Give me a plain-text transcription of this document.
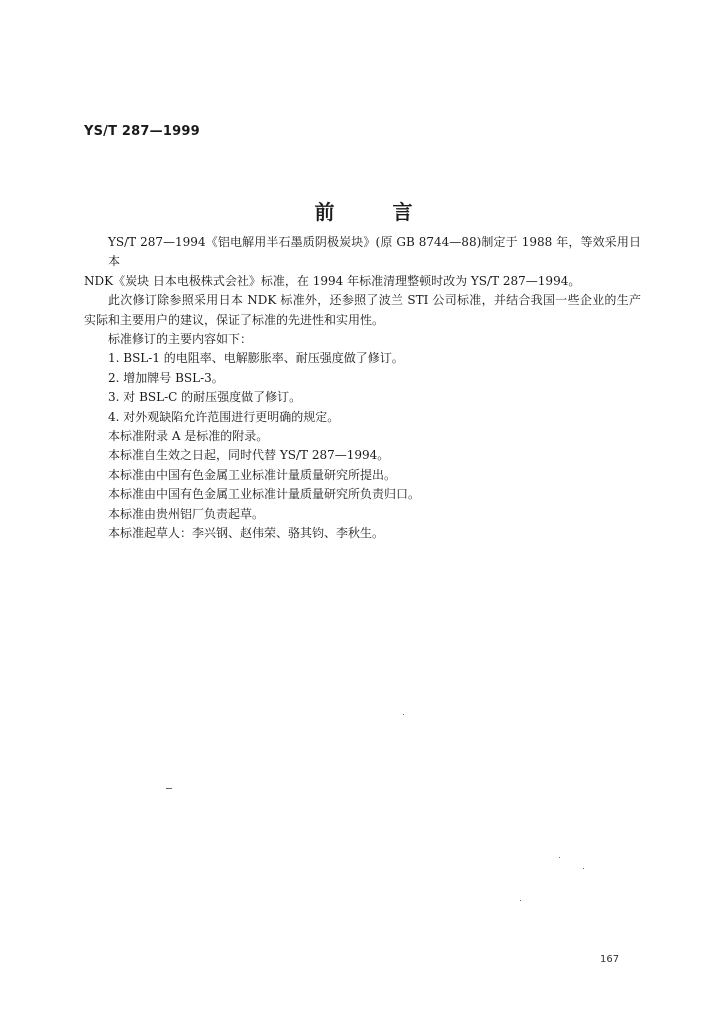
YS/T 287—1999
前	言

YS/T 287—1994《铝电解用半石墨质阴极炭块》(原 GB 8744—88)制定于 1988 年，等效采用日本

NDK《炭块 日本电极株式会社》标准，在 1994 年标准清理整顿时改为 YS/T 287—1994。

此次修订除参照采用日本 NDK 标准外，还参照了波兰 STI 公司标准，并结合我国一些企业的生产

实际和主要用户的建议，保证了标准的先进性和实用性。

标准修订的主要内容如下：

1. BSL-1 的电阻率、电解膨胀率、耐压强度做了修订。

2. 增加牌号 BSL-3。

3. 对 BSL-C 的耐压强度做了修订。

4. 对外观缺陷允许范围进行更明确的规定。

本标准附录 A 是标准的附录。

本标准自生效之日起，同时代替 YS/T 287—1994。

本标准由中国有色金属工业标准计量质量研究所提出。

本标准由中国有色金属工业标准计量质量研究所负责归口。

本标准由贵州铝厂负责起草。

本标准起草人：李兴钢、赵伟荣、骆其钧、李秋生。

167
